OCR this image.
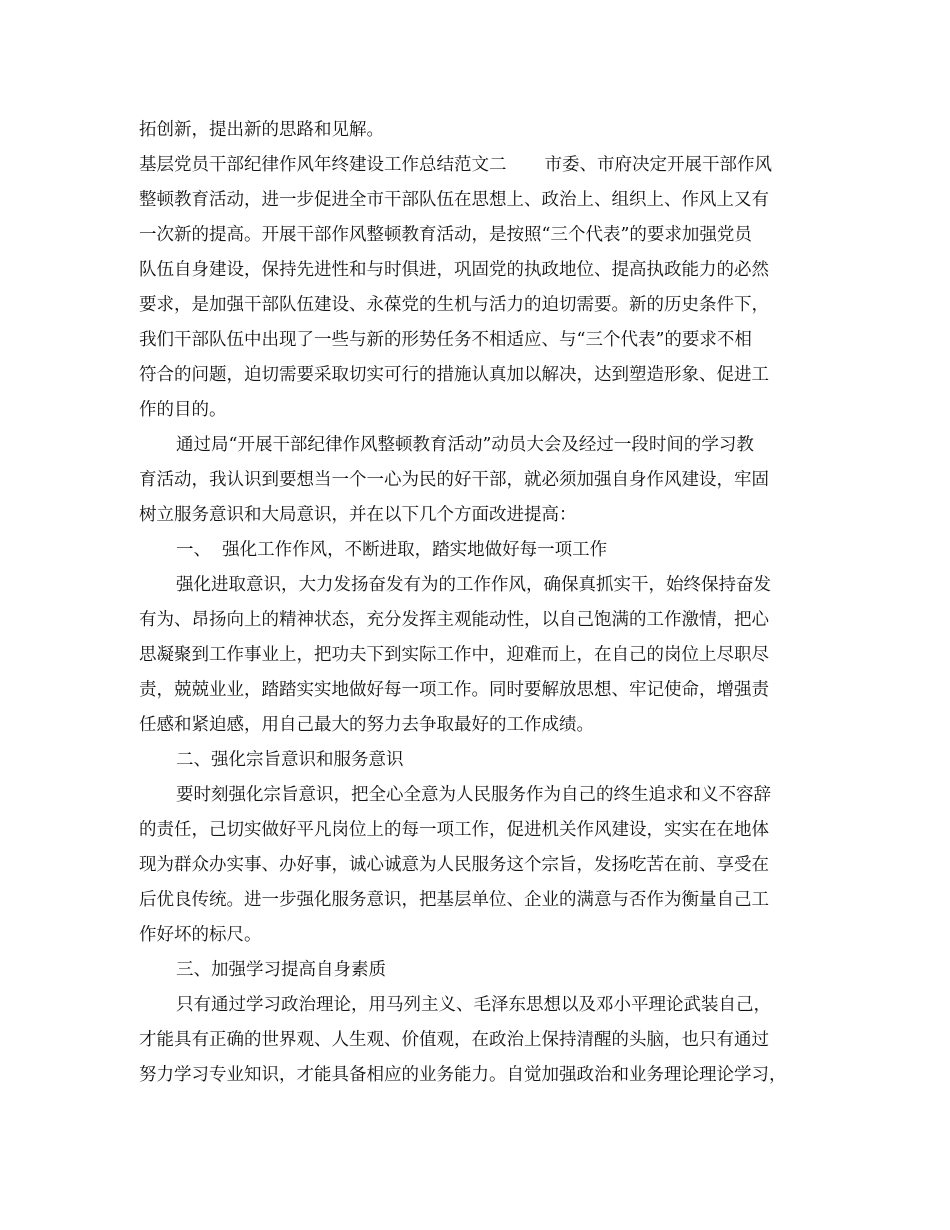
拓创新，提出新的思路和见解。
基层党员干部纪律作风年终建设工作总结范文二 市委、市府决定开展干部作风
整顿教育活动，进一步促进全市干部队伍在思想上、政治上、组织上、作风上又有
一次新的提高。开展干部作风整顿教育活动，是按照“三个代表”的要求加强党员
队伍自身建设，保持先进性和与时俱进，巩固党的执政地位、提高执政能力的必然
要求，是加强干部队伍建设、永葆党的生机与活力的迫切需要。新的历史条件下，
我们干部队伍中出现了一些与新的形势任务不相适应、与“三个代表”的要求不相
符合的问题，迫切需要采取切实可行的措施认真加以解决，达到塑造形象、促进工
作的目的。
通过局“开展干部纪律作风整顿教育活动”动员大会及经过一段时间的学习教
育活动，我认识到要想当一个一心为民的好干部，就必须加强自身作风建设，牢固
树立服务意识和大局意识，并在以下几个方面改进提高：
一、  强化工作作风，不断进取，踏实地做好每一项工作
强化进取意识，大力发扬奋发有为的工作作风，确保真抓实干，始终保持奋发
有为、昂扬向上的精神状态，充分发挥主观能动性，以自己饱满的工作激情，把心
思凝聚到工作事业上，把功夫下到实际工作中，迎难而上，在自己的岗位上尽职尽
责，兢兢业业，踏踏实实地做好每一项工作。同时要解放思想、牢记使命，增强责
任感和紧迫感，用自己最大的努力去争取最好的工作成绩。
二、强化宗旨意识和服务意识
要时刻强化宗旨意识，把全心全意为人民服务作为自己的终生追求和义不容辞
的责任，己切实做好平凡岗位上的每一项工作，促进机关作风建设，实实在在地体
现为群众办实事、办好事，诚心诚意为人民服务这个宗旨，发扬吃苦在前、享受在
后优良传统。进一步强化服务意识，把基层单位、企业的满意与否作为衡量自己工
作好坏的标尺。
三、加强学习提高自身素质
只有通过学习政治理论，用马列主义、毛泽东思想以及邓小平理论武装自己，
才能具有正确的世界观、人生观、价值观，在政治上保持清醒的头脑，也只有通过
努力学习专业知识，才能具备相应的业务能力。自觉加强政治和业务理论理论学习，
